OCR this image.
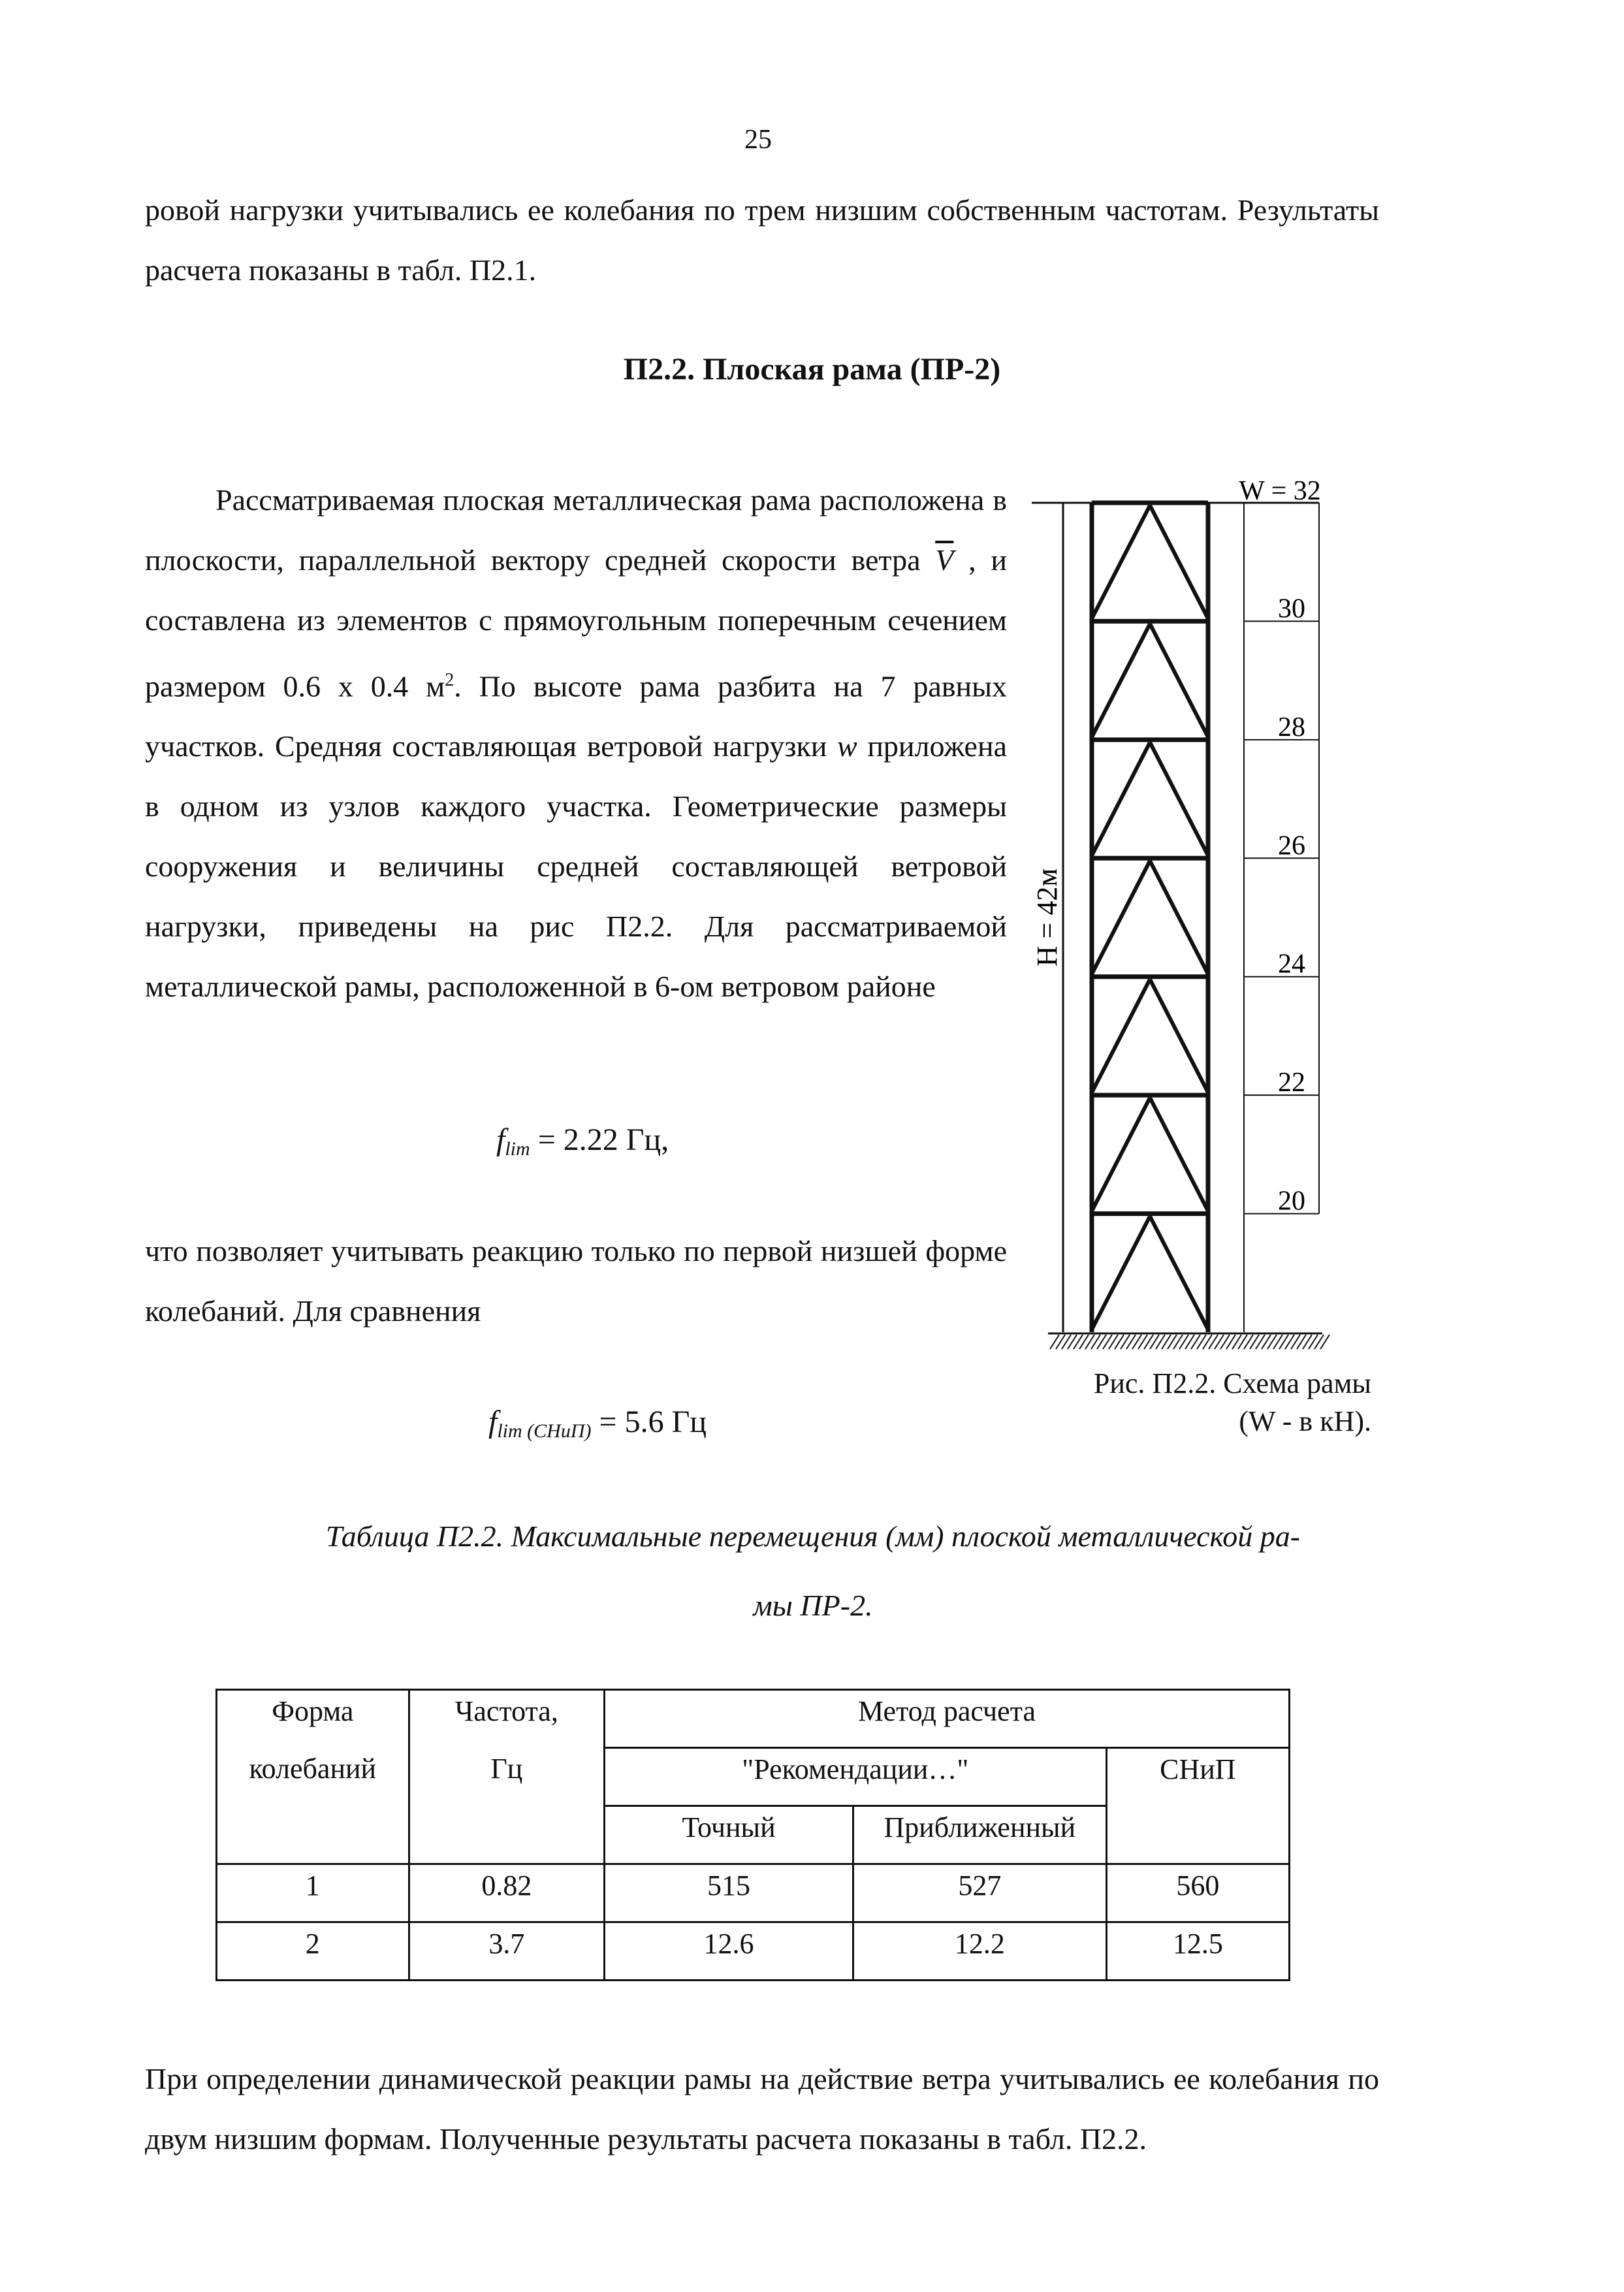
25
ровой нагрузки учитывались ее колебания по трем низшим собственным частотам. Результаты расчета показаны в табл. П2.1.
П2.2. Плоская рама (ПР-2)
Рассматриваемая плоская металлическая рама расположена в плоскости, параллельной вектору средней скорости ветра $\overline{V}$ , и составлена из элементов с прямоугольным поперечным сечением размером 0.6 х 0.4 $м^2$. По высоте рама разбита на 7 равных участков. Средняя составляющая ветровой нагрузки w приложена в одном из узлов каждого участка. Геометрические размеры сооружения и величины средней составляющей ветровой нагрузки, приведены на рис П2.2. Для рассматриваемой металлической рамы, расположенной в 6-ом ветровом районе
$f_{lim} = 2.22$ Гц,
что позволяет учитывать реакцию только по первой низшей форме колебаний. Для сравнения
$f_{lim (СНиП)} = 5.6$ Гц
Н = 42м
W = 32
30
28
26
24
22
20
Рис. П2.2. Схема рамы
(W - в кН).
Таблица П2.2. Максимальные перемещения (мм) плоской металлической ра-
мы ПР-2.
Форма	Частота,	Метод расчета		
колебаний	Гц	"Рекомендации…"		СНиП
		Точный	Приближенный	
1	0.82	515	527	560
2	3.7	12.6	12.2	12.5
При определении динамической реакции рамы на действие ветра учитывались ее колебания по двум низшим формам. Полученные результаты расчета показаны в табл. П2.2.
